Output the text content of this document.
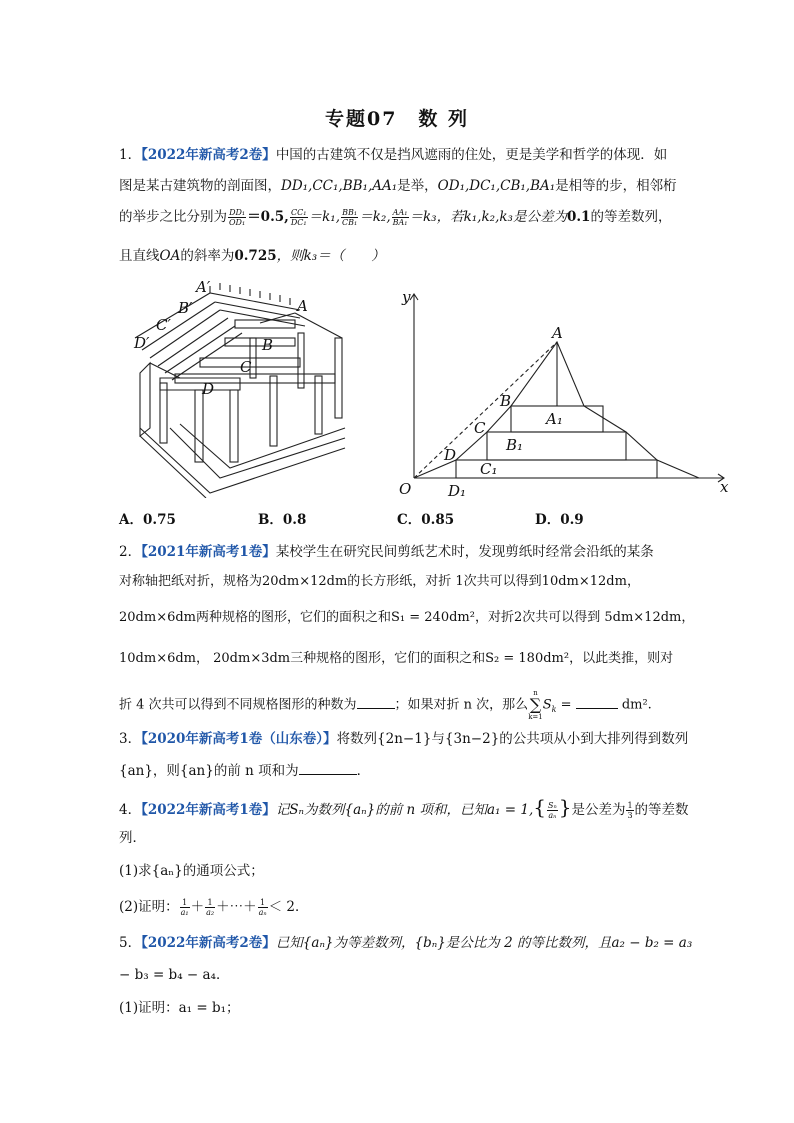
专题07　数 列
1．【2022年新高考2卷】中国的古建筑不仅是挡风遮雨的住处，更是美学和哲学的体现．如
图是某古建筑物的剖面图，DD₁,CC₁,BB₁,AA₁是举，OD₁,DC₁,CB₁,BA₁是相等的步，相邻桁
的举步之比分别为 $\frac{\text{DD₁}}{\text{OD₁}} =0.5$, $\frac{\text{CC₁}}{\text{DC₁}} =k_1$, $\frac{\text{BB₁}}{\text{CB₁}} =k_2$, $\frac{\text{AA₁}}{\text{BA₁}} =k_3$，若k₁,k₂,k₃是公差为0.1的等差数列，
且直线OA的斜率为0.725，则k₃＝（　　）
A′
B′
C′
D′
A
B
C
D
y
x
O
A
B
C
D
A₁
B₁
C₁
D₁
A．0.75	B．0.8	C．0.85	D．0.9
2．【2021年新高考1卷】某校学生在研究民间剪纸艺术时，发现剪纸时经常会沿纸的某条
对称轴把纸对折，规格为20dm×12dm的长方形纸，对折 1次共可以得到10dm×12dm，
20dm×6dm两种规格的图形，它们的面积之和S₁ = 240dm²，对折2次共可以得到 5dm×12dm，
10dm×6dm， 20dm×3dm三种规格的图形，它们的面积之和S₂ = 180dm²，以此类推，则对
折 4 次共可以得到不同规格图形的种数为	；如果对折 n 次，那么n
∑
$k=1S_k$ =	dm².
3．【2020年新高考1卷（山东卷）】将数列{2n−1}与{3n−2}的公共项从小到大排列得到数列
{an}，则{an}的前 n 项和为	．
4．【2022年新高考1卷】记Sₙ为数列{aₙ}的前 n 项和，已知$a_1 = 1,\{ \frac{\text{Sₙ}}{\text{aₙ}}$ }是公差为 $\frac{1}{3}$ 的等差数
列．
(1)求{aₙ}的通项公式；
(2)证明： $\frac{1}{\text{a₁}} + \frac{1}{\text{a₂}}$ ＋⋯＋ $\frac{1}{\text{aₙ}} < 2$．
5．【2022年新高考2卷】已知{aₙ}为等差数列，{bₙ}是公比为 2 的等比数列，且a₂ − b₂ = a₃
− b₃ = b₄ − a₄．
(1)证明：a₁ = b₁；
